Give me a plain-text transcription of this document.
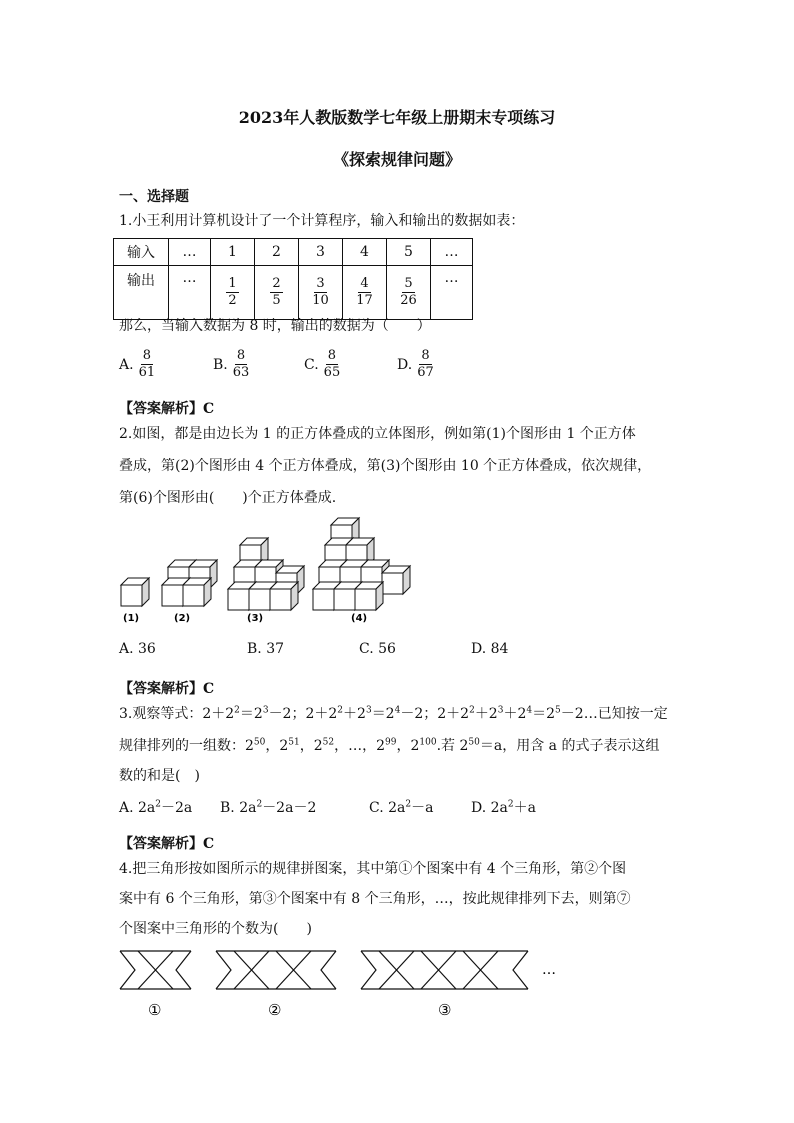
2023年人教版数学七年级上册期末专项练习
《探索规律问题》
一、选择题
1.小王利用计算机设计了一个计算程序，输入和输出的数据如表：
输入	…	1	2	3	4	5	…
输出	…	$\frac{1}{2}$	$\frac{2}{5}$	$\frac{3}{10}$	$\frac{4}{17}$	$\frac{5}{26}$	…
那么，当输入数据为 8 时，输出的数据为（　　）
A. $\frac{8}{61}$	B. $\frac{8}{63}$	C. $\frac{8}{65}$	D. $\frac{8}{67}$
【答案解析】C
2.如图，都是由边长为 1 的正方体叠成的立体图形，例如第(1)个图形由 1 个正方体
叠成，第(2)个图形由 4 个正方体叠成，第(3)个图形由 10 个正方体叠成，依次规律，
第(6)个图形由(　　)个正方体叠成.
(1)	(2)	(3)	(4)
A. 36	B. 37	C. 56	D. 84
【答案解析】C
3.观察等式：$2+2^2=2^3-2$；$2+2^2+2^3=2^4-2$；$2+2^2+2^3+2^4=2^5-2\dots$已知按一定
规律排列的一组数：$2^{50}$，$2^{51}$，$2^{52}$，…，$2^{99}$，$2^{100}$.若 $2^{50}=a$，用含 a 的式子表示这组
数的和是(　)
A. $2a^2-2a$ B. $2a^2-2a-2$	C. $2a^2-a$	D. $2a^2+a$
【答案解析】C
4.把三角形按如图所示的规律拼图案，其中第①个图案中有 4 个三角形，第②个图
案中有 6 个三角形，第③个图案中有 8 个三角形，…，按此规律排列下去，则第⑦
个图案中三角形的个数为(　　)
…
①	②	③
